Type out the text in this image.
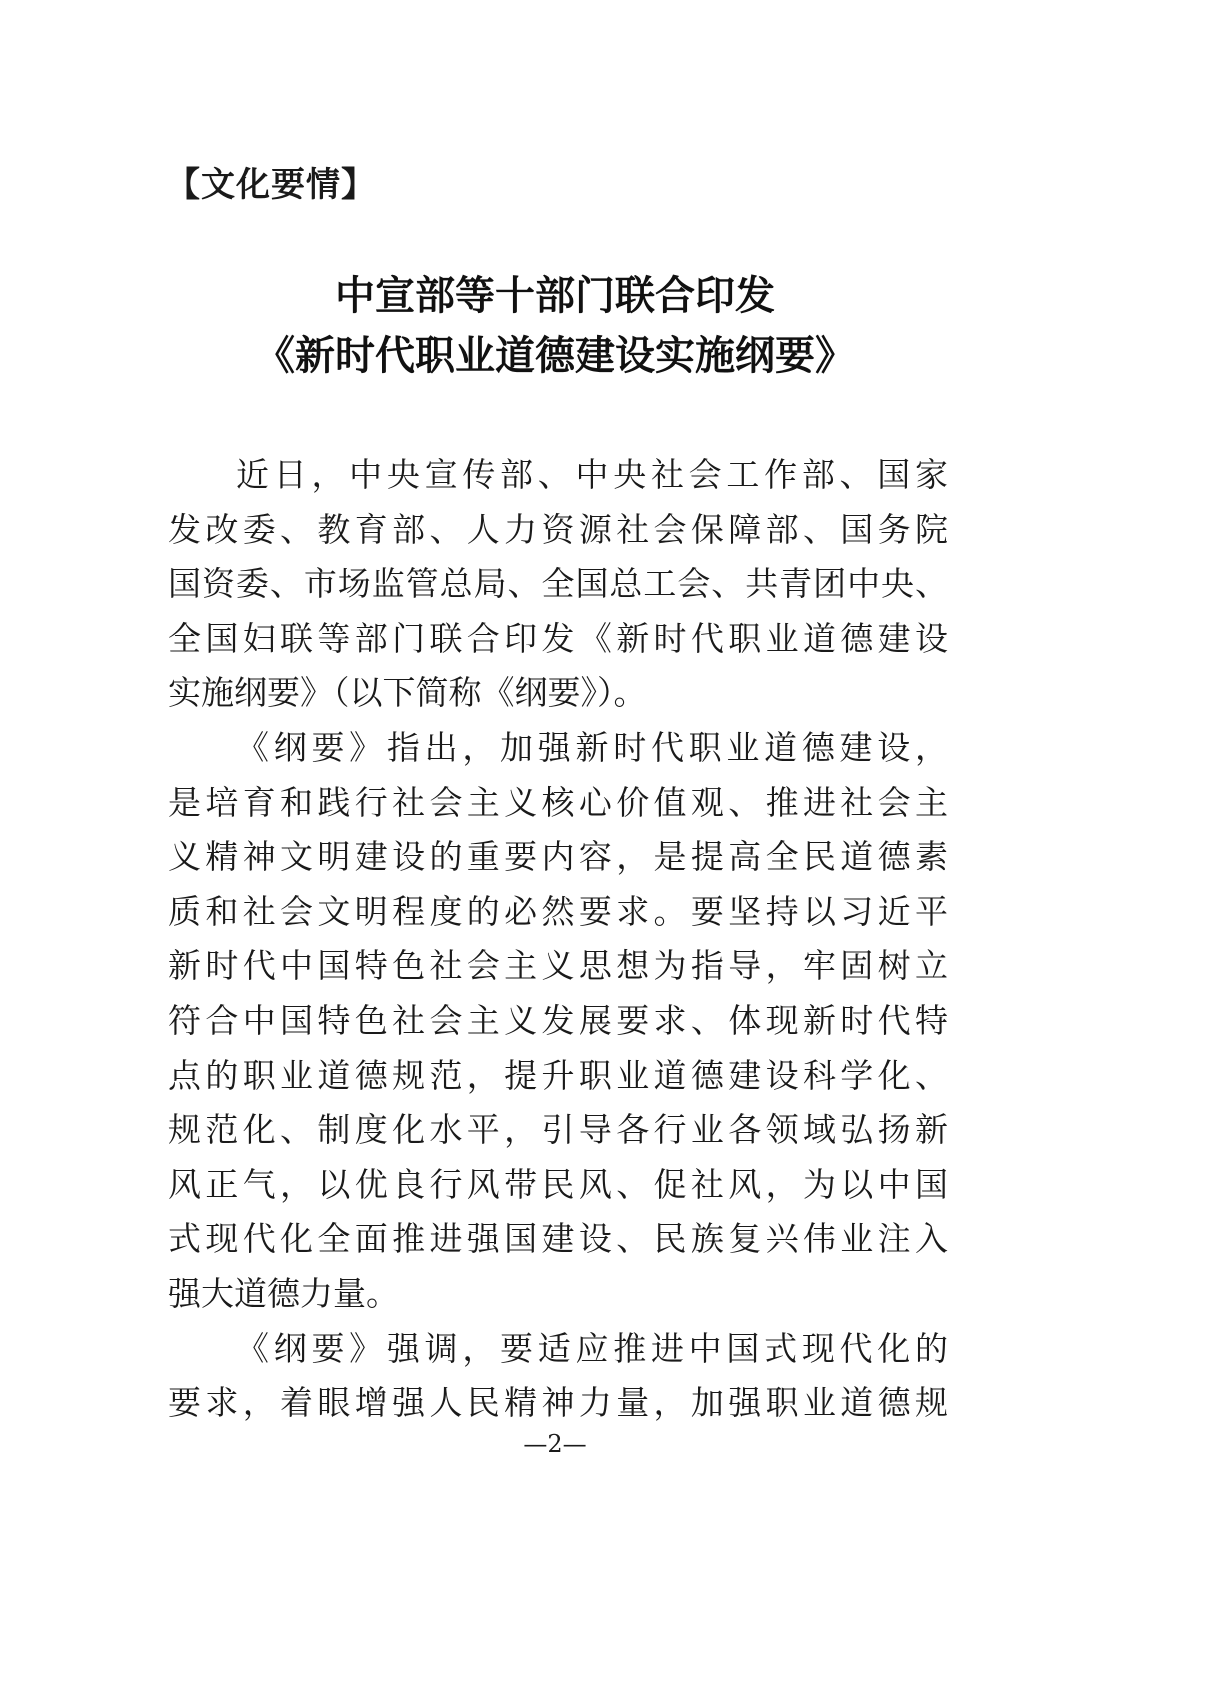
【文化要情】
中宣部等十部门联合印发
《新时代职业道德建设实施纲要》
近日，中央宣传部、中央社会工作部、国家
发改委、教育部、人力资源社会保障部、国务院
国资委、市场监管总局、全国总工会、共青团中央、
全国妇联等部门联合印发《新时代职业道德建设
实施纲要》（以下简称《纲要》）。
《纲要》指出，加强新时代职业道德建设，
是培育和践行社会主义核心价值观、推进社会主
义精神文明建设的重要内容，是提高全民道德素
质和社会文明程度的必然要求。要坚持以习近平
新时代中国特色社会主义思想为指导，牢固树立
符合中国特色社会主义发展要求、体现新时代特
点的职业道德规范，提升职业道德建设科学化、
规范化、制度化水平，引导各行业各领域弘扬新
风正气，以优良行风带民风、促社风，为以中国
式现代化全面推进强国建设、民族复兴伟业注入
强大道德力量。
《纲要》强调，要适应推进中国式现代化的
要求，着眼增强人民精神力量，加强职业道德规
—2—
